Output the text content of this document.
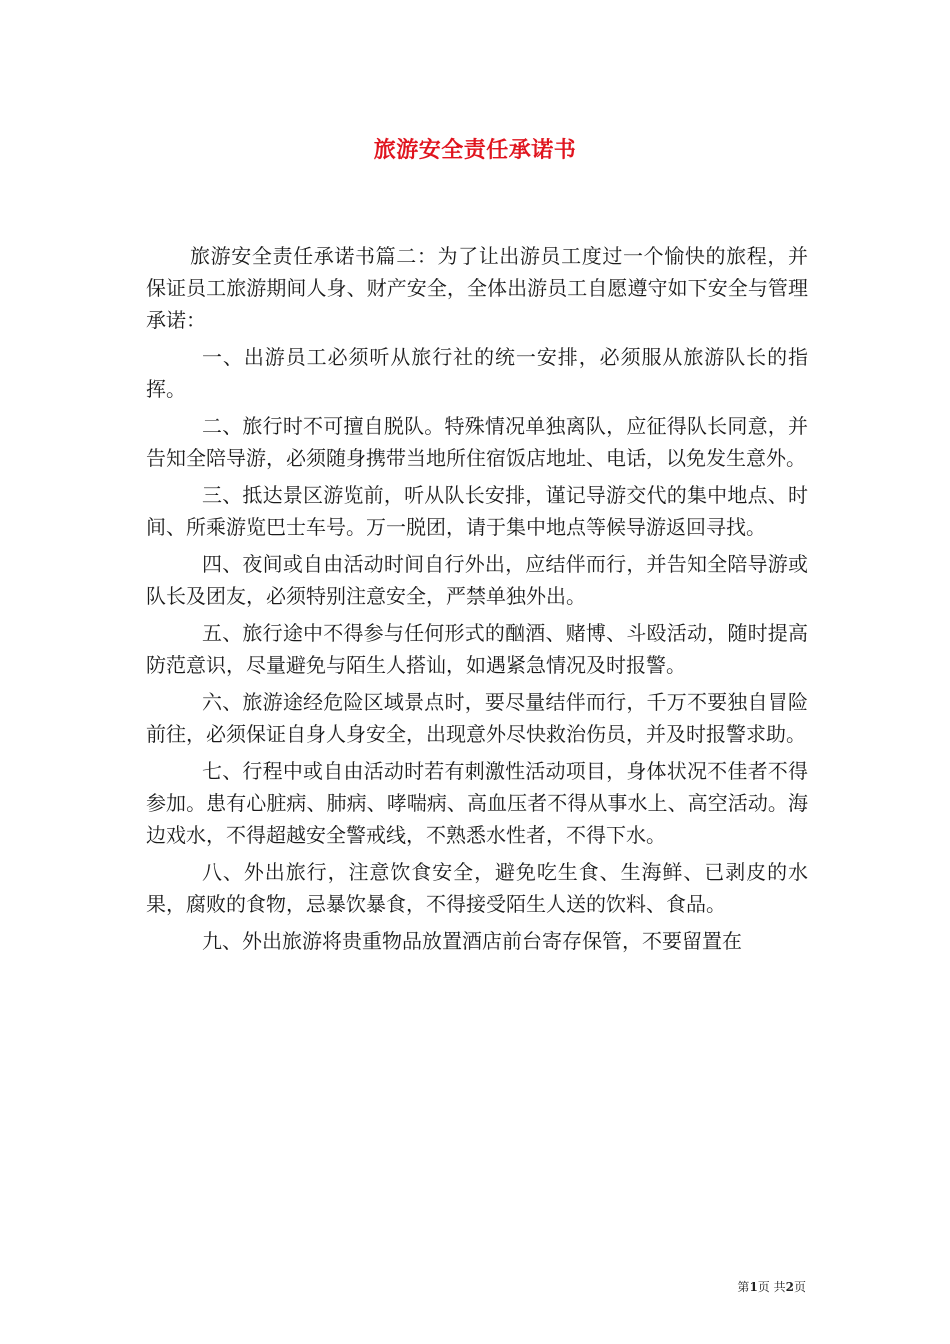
旅游安全责任承诺书

旅游安全责任承诺书篇二：为了让出游员工度过一个愉快的旅程，并保证员工旅游期间人身、财产安全，全体出游员工自愿遵守如下安全与管理承诺：

一、出游员工必须听从旅行社的统一安排，必须服从旅游队长的指挥。

二、旅行时不可擅自脱队。特殊情况单独离队，应征得队长同意，并告知全陪导游，必须随身携带当地所住宿饭店地址、电话，以免发生意外。

三、抵达景区游览前，听从队长安排，谨记导游交代的集中地点、时间、所乘游览巴士车号。万一脱团，请于集中地点等候导游返回寻找。

四、夜间或自由活动时间自行外出，应结伴而行，并告知全陪导游或队长及团友，必须特别注意安全，严禁单独外出。

五、旅行途中不得参与任何形式的酗酒、赌博、斗殴活动，随时提高防范意识，尽量避免与陌生人搭讪，如遇紧急情况及时报警。

六、旅游途经危险区域景点时，要尽量结伴而行，千万不要独自冒险前往，必须保证自身人身安全，出现意外尽快救治伤员，并及时报警求助。

七、行程中或自由活动时若有刺激性活动项目，身体状况不佳者不得参加。患有心脏病、肺病、哮喘病、高血压者不得从事水上、高空活动。海边戏水，不得超越安全警戒线，不熟悉水性者，不得下水。

八、外出旅行，注意饮食安全，避免吃生食、生海鲜、已剥皮的水果，腐败的食物，忌暴饮暴食，不得接受陌生人送的饮料、食品。

九、外出旅游将贵重物品放置酒店前台寄存保管，不要留置在

第1页 共2页
